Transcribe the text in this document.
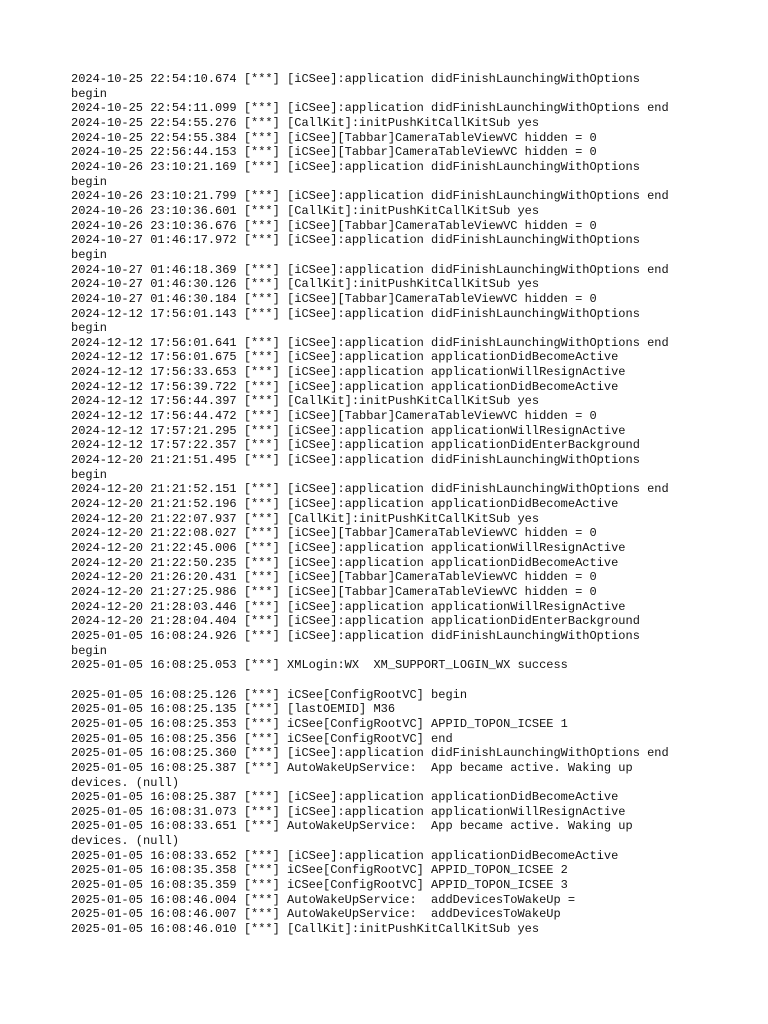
2024-10-25 22:54:10.674 [***] [iCSee]:application didFinishLaunchingWithOptions
begin
2024-10-25 22:54:11.099 [***] [iCSee]:application didFinishLaunchingWithOptions end
2024-10-25 22:54:55.276 [***] [CallKit]:initPushKitCallKitSub yes
2024-10-25 22:54:55.384 [***] [iCSee][Tabbar]CameraTableViewVC hidden = 0
2024-10-25 22:56:44.153 [***] [iCSee][Tabbar]CameraTableViewVC hidden = 0
2024-10-26 23:10:21.169 [***] [iCSee]:application didFinishLaunchingWithOptions
begin
2024-10-26 23:10:21.799 [***] [iCSee]:application didFinishLaunchingWithOptions end
2024-10-26 23:10:36.601 [***] [CallKit]:initPushKitCallKitSub yes
2024-10-26 23:10:36.676 [***] [iCSee][Tabbar]CameraTableViewVC hidden = 0
2024-10-27 01:46:17.972 [***] [iCSee]:application didFinishLaunchingWithOptions
begin
2024-10-27 01:46:18.369 [***] [iCSee]:application didFinishLaunchingWithOptions end
2024-10-27 01:46:30.126 [***] [CallKit]:initPushKitCallKitSub yes
2024-10-27 01:46:30.184 [***] [iCSee][Tabbar]CameraTableViewVC hidden = 0
2024-12-12 17:56:01.143 [***] [iCSee]:application didFinishLaunchingWithOptions
begin
2024-12-12 17:56:01.641 [***] [iCSee]:application didFinishLaunchingWithOptions end
2024-12-12 17:56:01.675 [***] [iCSee]:application applicationDidBecomeActive
2024-12-12 17:56:33.653 [***] [iCSee]:application applicationWillResignActive
2024-12-12 17:56:39.722 [***] [iCSee]:application applicationDidBecomeActive
2024-12-12 17:56:44.397 [***] [CallKit]:initPushKitCallKitSub yes
2024-12-12 17:56:44.472 [***] [iCSee][Tabbar]CameraTableViewVC hidden = 0
2024-12-12 17:57:21.295 [***] [iCSee]:application applicationWillResignActive
2024-12-12 17:57:22.357 [***] [iCSee]:application applicationDidEnterBackground
2024-12-20 21:21:51.495 [***] [iCSee]:application didFinishLaunchingWithOptions
begin
2024-12-20 21:21:52.151 [***] [iCSee]:application didFinishLaunchingWithOptions end
2024-12-20 21:21:52.196 [***] [iCSee]:application applicationDidBecomeActive
2024-12-20 21:22:07.937 [***] [CallKit]:initPushKitCallKitSub yes
2024-12-20 21:22:08.027 [***] [iCSee][Tabbar]CameraTableViewVC hidden = 0
2024-12-20 21:22:45.006 [***] [iCSee]:application applicationWillResignActive
2024-12-20 21:22:50.235 [***] [iCSee]:application applicationDidBecomeActive
2024-12-20 21:26:20.431 [***] [iCSee][Tabbar]CameraTableViewVC hidden = 0
2024-12-20 21:27:25.986 [***] [iCSee][Tabbar]CameraTableViewVC hidden = 0
2024-12-20 21:28:03.446 [***] [iCSee]:application applicationWillResignActive
2024-12-20 21:28:04.404 [***] [iCSee]:application applicationDidEnterBackground
2025-01-05 16:08:24.926 [***] [iCSee]:application didFinishLaunchingWithOptions
begin
2025-01-05 16:08:25.053 [***] XMLogin:WX  XM_SUPPORT_LOGIN_WX success
2025-01-05 16:08:25.126 [***] iCSee[ConfigRootVC] begin
2025-01-05 16:08:25.135 [***] [lastOEMID] M36
2025-01-05 16:08:25.353 [***] iCSee[ConfigRootVC] APPID_TOPON_ICSEE 1
2025-01-05 16:08:25.356 [***] iCSee[ConfigRootVC] end
2025-01-05 16:08:25.360 [***] [iCSee]:application didFinishLaunchingWithOptions end
2025-01-05 16:08:25.387 [***] AutoWakeUpService:  App became active. Waking up
devices. (null)
2025-01-05 16:08:25.387 [***] [iCSee]:application applicationDidBecomeActive
2025-01-05 16:08:31.073 [***] [iCSee]:application applicationWillResignActive
2025-01-05 16:08:33.651 [***] AutoWakeUpService:  App became active. Waking up
devices. (null)
2025-01-05 16:08:33.652 [***] [iCSee]:application applicationDidBecomeActive
2025-01-05 16:08:35.358 [***] iCSee[ConfigRootVC] APPID_TOPON_ICSEE 2
2025-01-05 16:08:35.359 [***] iCSee[ConfigRootVC] APPID_TOPON_ICSEE 3
2025-01-05 16:08:46.004 [***] AutoWakeUpService:  addDevicesToWakeUp =
2025-01-05 16:08:46.007 [***] AutoWakeUpService:  addDevicesToWakeUp
2025-01-05 16:08:46.010 [***] [CallKit]:initPushKitCallKitSub yes
